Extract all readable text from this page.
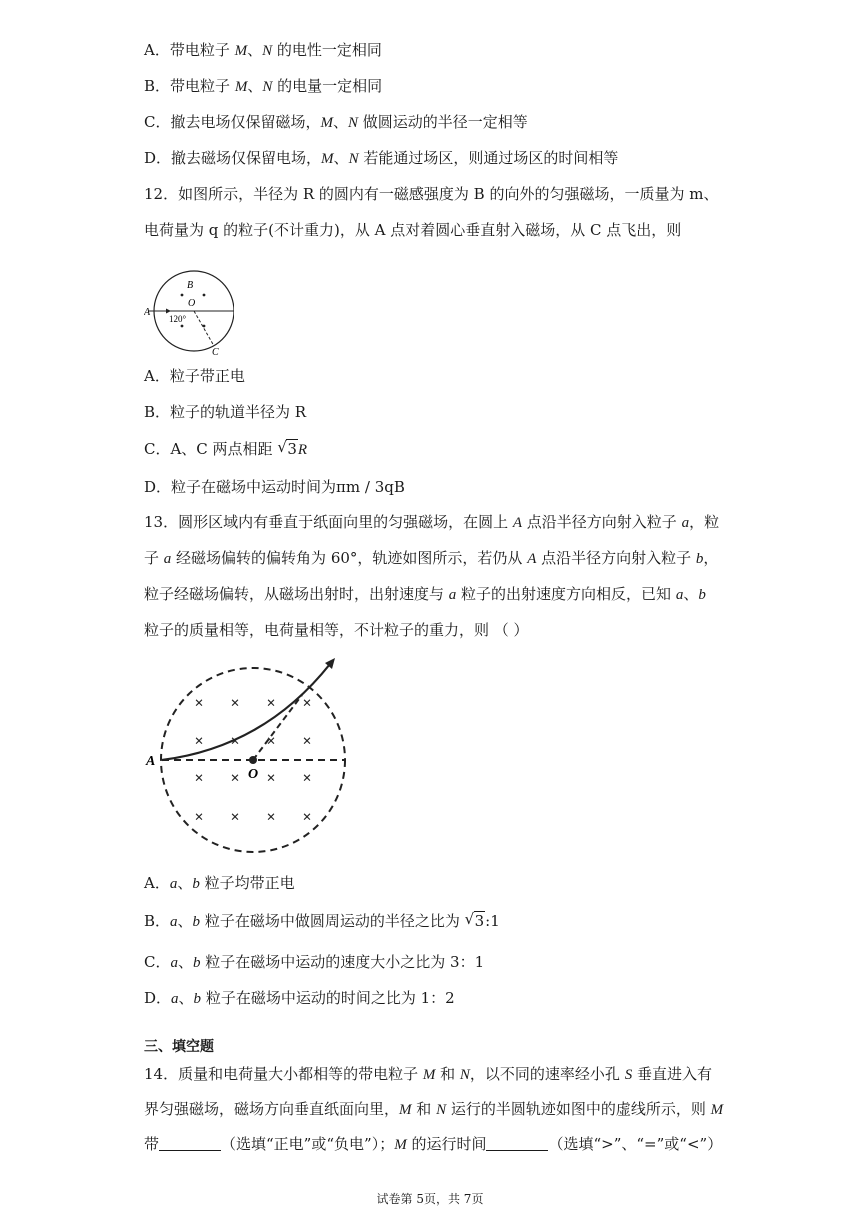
A．带电粒子 M、N 的电性一定相同
B．带电粒子 M、N 的电量一定相同
C．撤去电场仅保留磁场，M、N 做圆运动的半径一定相等
D．撤去磁场仅保留电场，M、N 若能通过场区，则通过场区的时间相等
12．如图所示，半径为 R 的圆内有一磁感强度为 B 的向外的匀强磁场，一质量为 m、
电荷量为 q 的粒子(不计重力)，从 A 点对着圆心垂直射入磁场，从 C 点飞出，则
A
B
O
120°
C
A．粒子带正电
B．粒子的轨道半径为 R
C．A、C 两点相距 √ 3R
D．粒子在磁场中运动时间为πm / 3qB
13．圆形区域内有垂直于纸面向里的匀强磁场，在圆上 A 点沿半径方向射入粒子 a，粒
子 a 经磁场偏转的偏转角为 60°，轨迹如图所示，若仍从 A 点沿半径方向射入粒子 b，
粒子经磁场偏转，从磁场出射时，出射速度与 a 粒子的出射速度方向相反，已知 a、b
粒子的质量相等，电荷量相等，不计粒子的重力，则 （ ）
A
O
× × × ×
× × × ×
× × × ×
× × × ×
A．a、b 粒子均带正电
B．a、b 粒子在磁场中做圆周运动的半径之比为 √ 3:1
C．a、b 粒子在磁场中运动的速度大小之比为 3：1
D．a、b 粒子在磁场中运动的时间之比为 1：2
三、填空题
14．质量和电荷量大小都相等的带电粒子 M 和 N，以不同的速率经小孔 S 垂直进入有
界匀强磁场，磁场方向垂直纸面向里，M 和 N 运行的半圆轨迹如图中的虚线所示，则 M
带	（选填“正电”或“负电”）；M 的运行时间	（选填“>”、“=”或“<”）
试卷第 5页，共 7页
